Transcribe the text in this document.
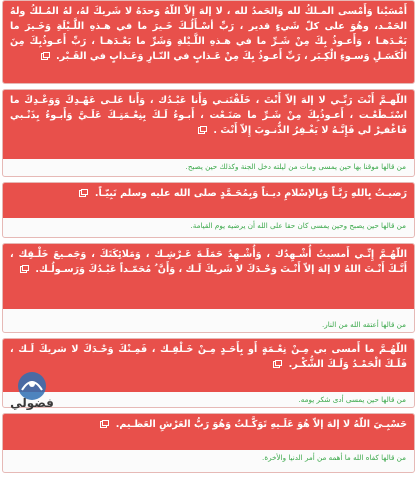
أَمْسَيْنا وَأَمْسى المـلكُ لله وَالحَمدُ لله ، لا إلهَ إلاّ اللّهُ وَحدَهُ لا شَريكَ لهُ، لهُ المُـلكُ ولهُ الحَمْـد، وهُوَ على كلّ شَيءٍ قدير ، رَبِّ أسْـأَلُـكَ خَـيرَ ما في هـذهِ اللَّـيْلَةِ وَخَـيرَ ما بَعْـدَهـا ، وَأَعـوذُ بِكَ مِنْ شَـرِّ ما في هـذهِ اللَّـيْلةِ وَشَرِّ ما بَعْـدَهـا ، رَبِّ أَعـوذُبِكَ مِنَ الْكَسَـلِ وَسـوءِ الْكِـبَر ، رَبِّ أَعـوذُ بِكَ مِنْ عَـذابٍ في النّـارِ وَعَـذابٍ في القَـبْر.
اللّهـمَّ أَنْتَ رَبِّـي لا إلهَ إلاّ أَنْتَ ، خَلَقْتَنـي وَأَنا عَبْـدُك ، وَأَنا عَلـى عَهْـدِكَ وَوَعْـدِكَ ما اسْتَـطَعْـت ، أَعـوذُبِكَ مِنْ شَـرِّ ما صَنَـعْت ، أَبـوءُ لَـكَ بِنِعْـمَتِـكَ عَلَـيَّ وَأَبـوءُ بِذَنْـبي فَاغْفـِرْ لي فَإِنَّـهُ لا يَغْـفِرُ الذُّنـوبَ إِلاّ أَنْتَ .
من قالها موقنا بها حين يمسى ومات من ليلته دخل الجنة وكذلك حين يصبح.
رَضيـتُ بِاللهِ رَبَّـاً وَبِالإسْلامِ ديـناً وَبِمُحَـمَّدٍ صلى الله عليه وسلم نَبِيّـاً.
من قالها حين يصبح وحين يمسى كان حقا على الله أن يرضيه يوم القيامة.
اللّهُـمَّ إِنِّـي أَمسيتُ أُشْـهِدُك ، وَأُشْـهِدُ حَمَلَـةَ عَـرْشِـك ، وَمَلائِكَتَكَ ، وَجَمـيعَ خَلْـقِك ، أَنَّـكَ أَنْـتَ اللهُ لا إلهَ إلاّ أَنْـتَ وَحْـدَكَ لا شَريكَ لَـك ، وَأَنَّ ُ مُحَمّـداً عَبْـدُكَ وَرَسـولُـك.
من قالها أعتقه الله من النار.
اللّهُـمَّ ما أَمسى بي مِـنْ نِعْـمَةٍ أَو بِأَحَـدٍ مِـنْ خَـلْقِـك ، فَمِـنْكَ وَحْـدَكَ لا شريكَ لَـك ، فَلَـكَ الْحَمْـدُ وَلَـكَ الشُّكْـر.
من قالها حين يمسى أدى شكر يومه.
حَسْبِـيَ اللّهُ لا إلهَ إلاّ هُوَ عَلَـيهِ تَوَكَّـلتُ وَهُوَ رَبُّ العَرْشِ العَظـيم.
من قالها كفاه الله ما أهمه من أمر الدنيا والأخرة.
فضولي
